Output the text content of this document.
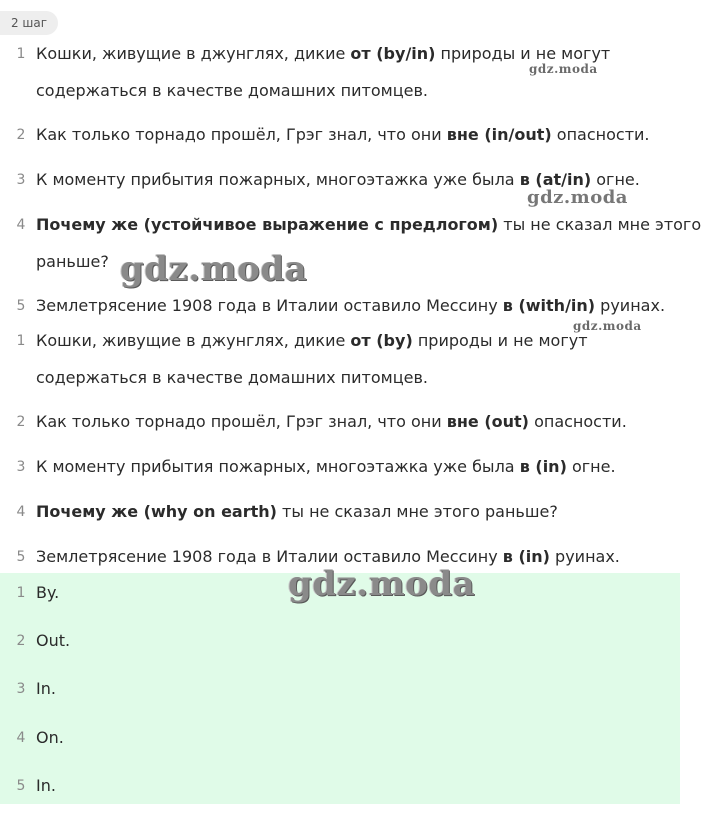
2 шаг
1 Кошки, живущие в джунглях, дикие от (by/in) природы и не могут
содержаться в качестве домашних питомцев.
2 Как только торнадо прошёл, Грэг знал, что они вне (in/out) опасности.
3 К моменту прибытия пожарных, многоэтажка уже была в (at/in) огне.
4 Почему же (устойчивое выражение с предлогом) ты не сказал мне этого
раньше?
5 Землетрясение 1908 года в Италии оставило Мессину в (with/in) руинах.
1 Кошки, живущие в джунглях, дикие от (by) природы и не могут
содержаться в качестве домашних питомцев.
2 Как только торнадо прошёл, Грэг знал, что они вне (out) опасности.
3 К моменту прибытия пожарных, многоэтажка уже была в (in) огне.
4 Почему же (why on earth) ты не сказал мне этого раньше?
5 Землетрясение 1908 года в Италии оставило Мессину в (in) руинах.
1 By.
2 Out.
3 In.
4 On.
5 In.
gdz.moda
gdz.moda
gdz.moda
gdz.moda
gdz.moda
